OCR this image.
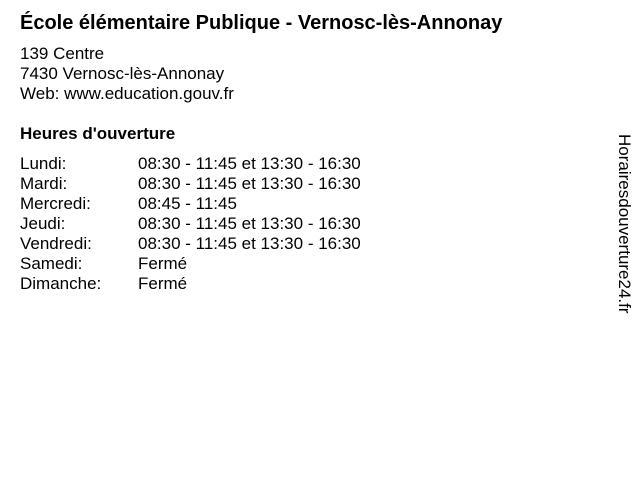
École élémentaire Publique - Vernosc-lès-Annonay
139 Centre
7430 Vernosc-lès-Annonay
Web: www.education.gouv.fr
Heures d'ouverture
Lundi:	08:30 - 11:45 et 13:30 - 16:30
Mardi:	08:30 - 11:45 et 13:30 - 16:30
Mercredi:	08:45 - 11:45
Jeudi:	08:30 - 11:45 et 13:30 - 16:30
Vendredi:	08:30 - 11:45 et 13:30 - 16:30
Samedi:	Fermé
Dimanche:	Fermé	Horairesdouverture24.fr
